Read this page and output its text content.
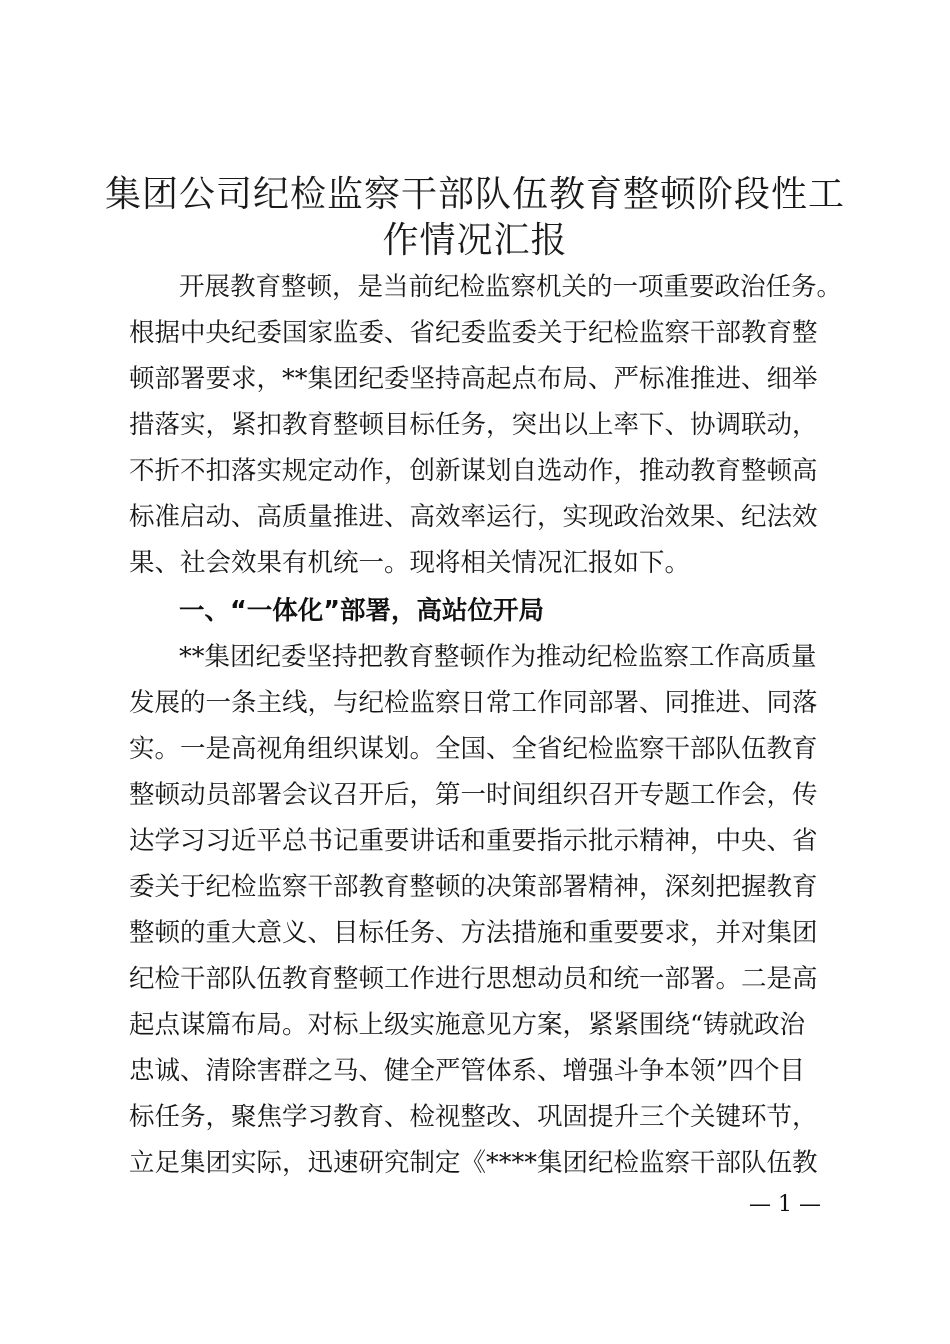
集团公司纪检监察干部队伍教育整顿阶段性工
作情况汇报
开展教育整顿，是当前纪检监察机关的一项重要政治任务。
根据中央纪委国家监委、省纪委监委关于纪检监察干部教育整
顿部署要求，**集团纪委坚持高起点布局、严标准推进、细举
措落实，紧扣教育整顿目标任务，突出以上率下、协调联动，
不折不扣落实规定动作，创新谋划自选动作，推动教育整顿高
标准启动、高质量推进、高效率运行，实现政治效果、纪法效
果、社会效果有机统一。现将相关情况汇报如下。
一、“一体化”部署，高站位开局
**集团纪委坚持把教育整顿作为推动纪检监察工作高质量
发展的一条主线，与纪检监察日常工作同部署、同推进、同落
实。一是高视角组织谋划。全国、全省纪检监察干部队伍教育
整顿动员部署会议召开后，第一时间组织召开专题工作会，传
达学习习近平总书记重要讲话和重要指示批示精神，中央、省
委关于纪检监察干部教育整顿的决策部署精神，深刻把握教育
整顿的重大意义、目标任务、方法措施和重要要求，并对集团
纪检干部队伍教育整顿工作进行思想动员和统一部署。二是高
起点谋篇布局。对标上级实施意见方案，紧紧围绕“铸就政治
忠诚、清除害群之马、健全严管体系、增强斗争本领”四个目
标任务，聚焦学习教育、检视整改、巩固提升三个关键环节，
立足集团实际，迅速研究制定《****集团纪检监察干部队伍教
— 1 —
